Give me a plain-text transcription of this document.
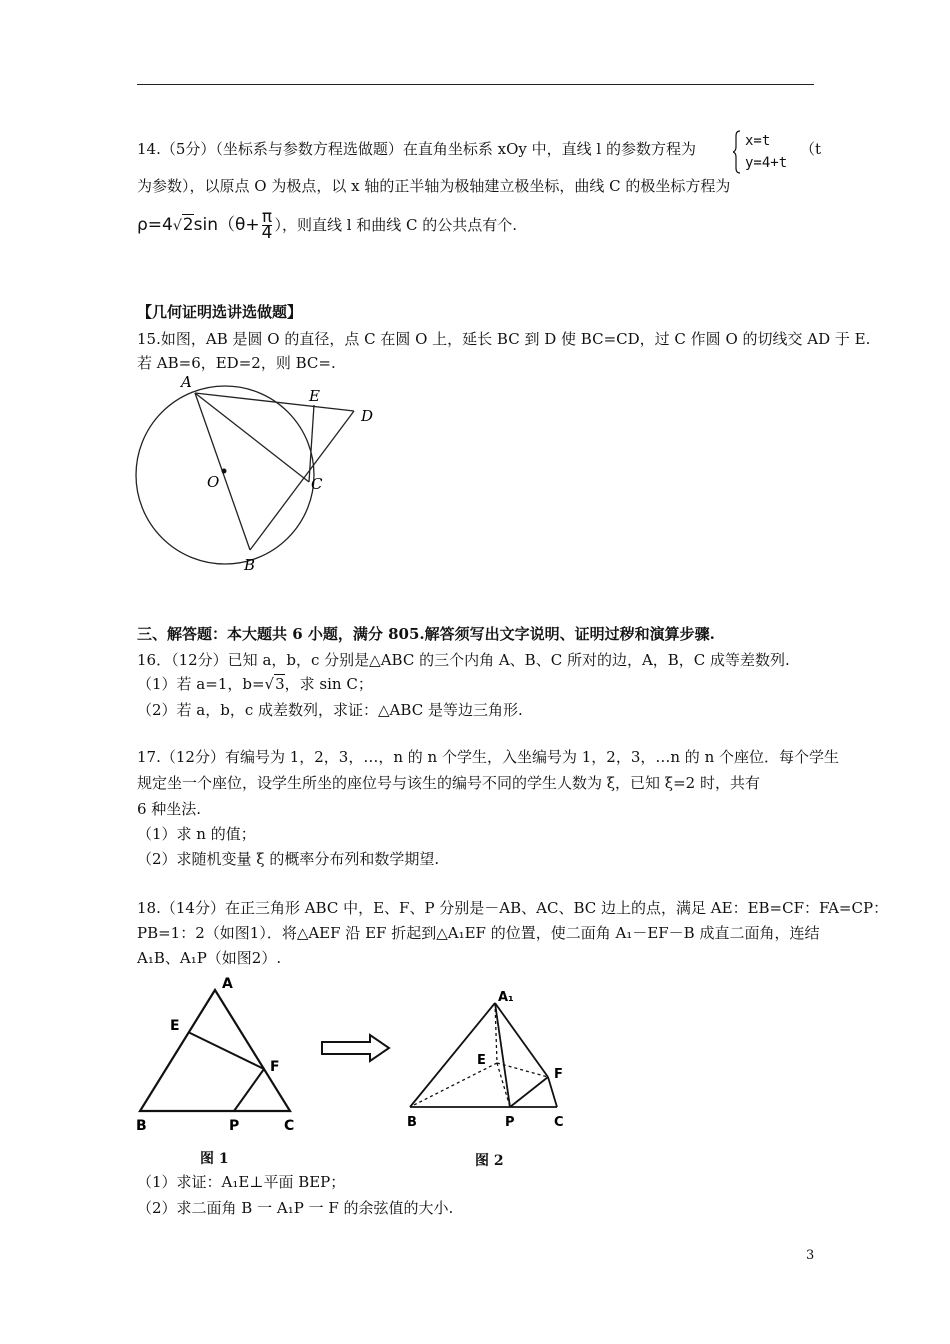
14.（5分）（坐标系与参数方程选做题）在直角坐标系 xOy 中，直线 l 的参数方程为	x=t
y=4+t
（t
为参数），以原点 O 为极点，以 x 轴的正半轴为极轴建立极坐标，曲线 C 的极坐标方程为
$\rho=4√2\sin(\theta+ \frac{\pi}{4}$ ），则直线 l 和曲线 C 的公共点有个.
【几何证明选讲选做题】
15.如图，AB 是圆 O 的直径，点 C 在圆 O 上，延长 BC 到 D 使 BC=CD，过 C 作圆 O 的切线交 AD 于 E.
若 AB=6，ED=2，则 BC=.
A
E
D
O	C
B
三、解答题：本大题共 6 小题，满分 805.解答须写出文字说明、证明过秽和演算步骤.
16．（12分）已知 a，b，c 分别是△ABC 的三个内角 A、B、C 所对的边，A，B，C 成等差数列.
（1）若 a=1，b=√3，求 sin C；
（2）若 a，b，c 成差数列，求证：△ABC 是等边三角形.
17.（12分）有编号为 1，2，3，…，n 的 n 个学生，入坐编号为 1，2，3，…n 的 n 个座位．每个学生
规定坐一个座位，设学生所坐的座位号与该生的编号不同的学生人数为 ξ，已知 ξ=2 时，共有
6 种坐法.
（1）求 n 的值；
（2）求随机变量 ξ 的概率分布列和数学期望.
18.（14分）在正三角形 ABC 中，E、F、P 分别是－AB、AC、BC 边上的点，满足 AE：EB=CF：FA=CP：
PB=1：2（如图1）．将△AEF 沿 EF 折起到△A₁EF 的位置，使二面角 A₁－EF－B 成直二面角，连结
A₁B、A₁P（如图2）.
A
E
F
B	P	C
A₁
E
F
B	P	C
图 1	图 2
（1）求证：A₁E⊥平面 BEP；
（2）求二面角 B 一 A₁P 一 F 的余弦值的大小.
3
